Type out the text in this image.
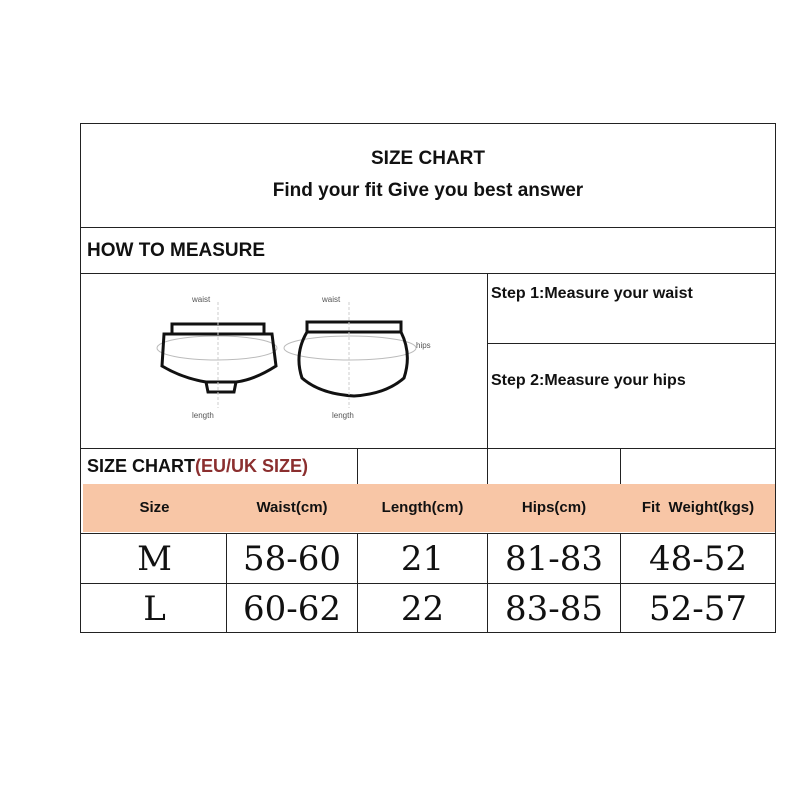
SIZE CHART
Find your fit Give you best answer
HOW TO MEASURE
waist
length
waist
hips
length
Step 1:Measure your waist
Step 2:Measure your hips
SIZE CHART(EU/UK SIZE)
Size	Waist(cm)	Length(cm)	Hips(cm)	Fit  Weight(kgs)
M	58-60	21	81-83	48-52
L	60-62	22	83-85	52-57
